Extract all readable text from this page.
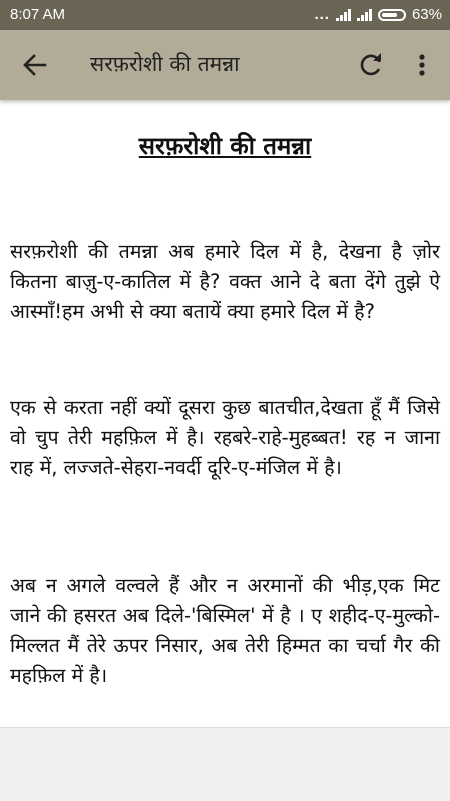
8:07 AM	...	63%
सरफ़रोशी की तमन्ना
सरफ़रोशी की तमन्ना

सरफ़रोशी की तमन्ना अब हमारे दिल में है, देखना है ज़ोर कितना बाज़ु-ए-कातिल में है? वक्त आने दे बता देंगे तुझे ऐ आस्माँ!हम अभी से क्या बतायें क्या हमारे दिल में है?

एक से करता नहीं क्यों दूसरा कुछ बातचीत,देखता हूँ मैं जिसे वो चुप तेरी महफ़िल में है। रहबरे-राहे-मुहब्बत! रह न जाना राह में, लज्जते-सेहरा-नवर्दी दूरि-ए-मंजिल में है।

अब न अगले वल्वले हैं और न अरमानों की भीड़,एक मिट जाने की हसरत अब दिले-'बिस्मिल' में है । ए शहीद-ए-मुल्को-मिल्लत मैं तेरे ऊपर निसार, अब तेरी हिम्मत का चर्चा गैर की महफ़िल में है।
